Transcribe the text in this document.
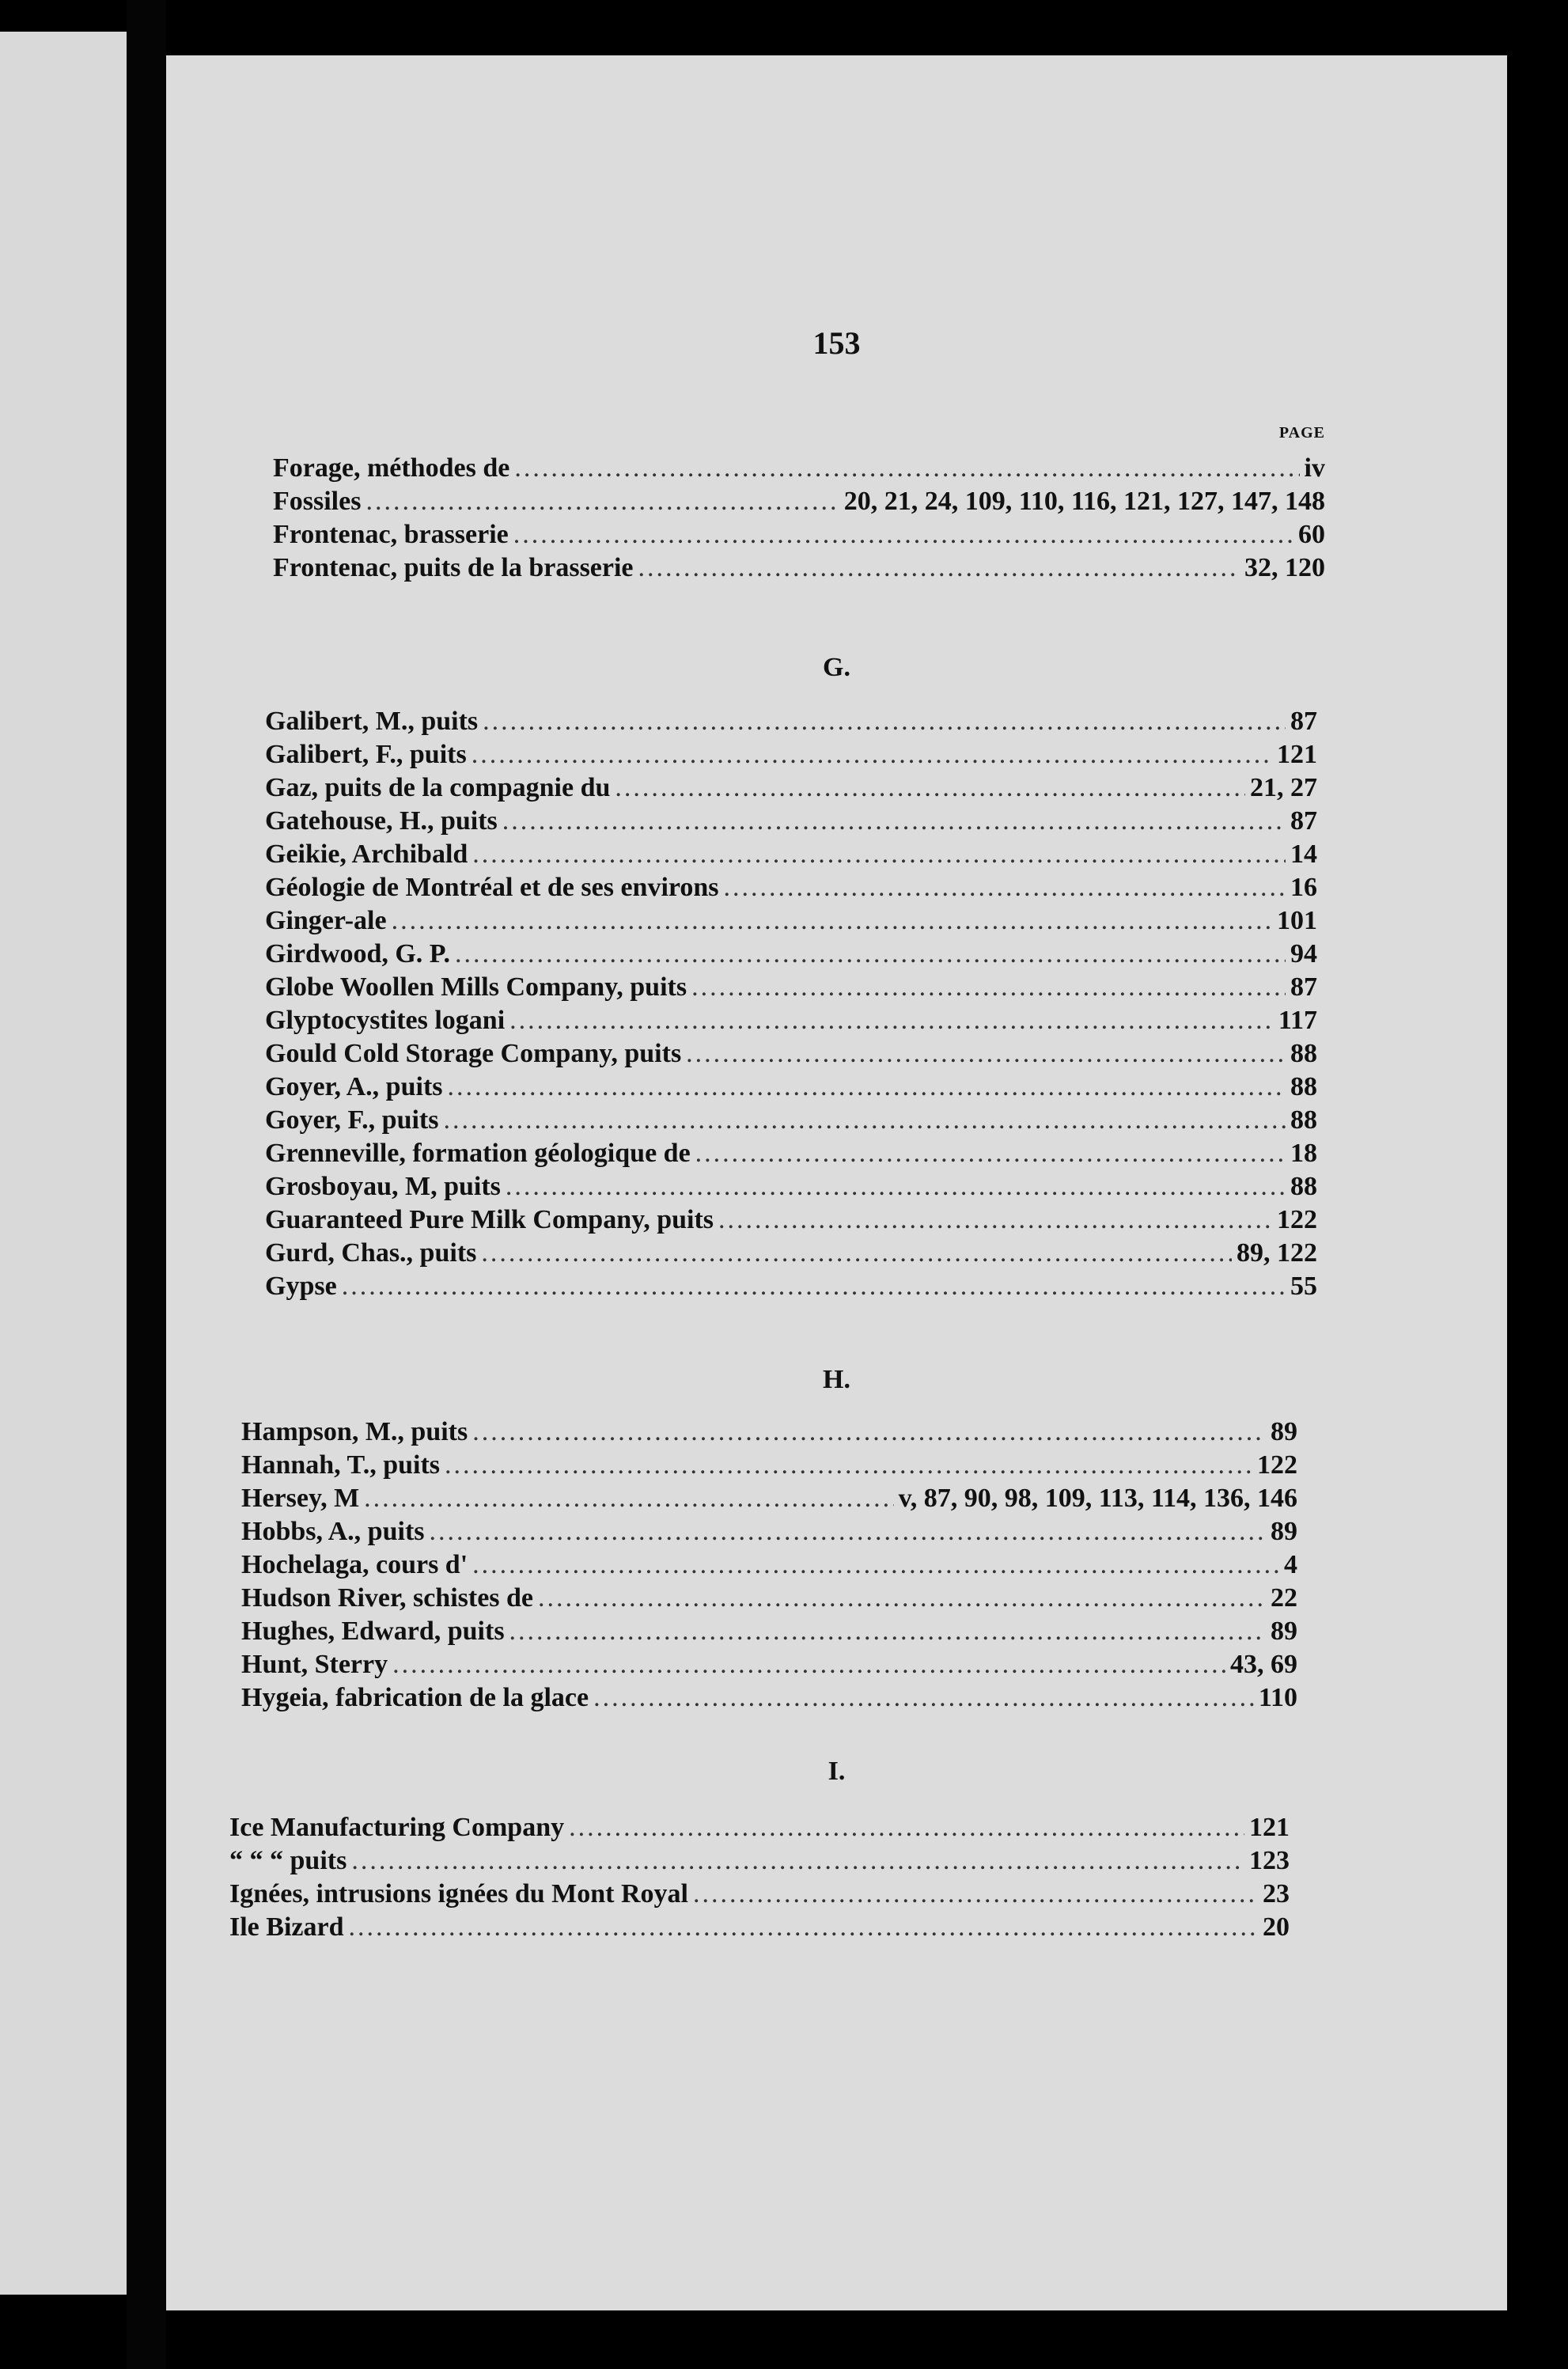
153
PAGE
Forage, méthodes de .....	iv
Fossiles .....	20, 21, 24, 109, 110, 116, 121, 127, 147, 148
Frontenac, brasserie .....	60
Frontenac, puits de la brasserie .....	32, 120
G.
Galibert, M., puits .....	87
Galibert, F., puits .....	121
Gaz, puits de la compagnie du .....	21, 27
Gatehouse, H., puits .....	87
Geikie, Archibald .....	14
Géologie de Montréal et de ses environs .....	16
Ginger-ale .....	101
Girdwood, G. P. .....	94
Globe Woollen Mills Company, puits .....	87
Glyptocystites logani .....	117
Gould Cold Storage Company, puits .....	88
Goyer, A., puits .....	88
Goyer, F., puits .....	88
Grenneville, formation géologique de .....	18
Grosboyau, M, puits .....	88
Guaranteed Pure Milk Company, puits .....	122
Gurd, Chas., puits .....	89, 122
Gypse .....	55
H.
Hampson, M., puits .....	89
Hannah, T., puits .....	122
Hersey, M .....	v, 87, 90, 98, 109, 113, 114, 136, 146
Hobbs, A., puits .....	89
Hochelaga, cours d' .....	4
Hudson River, schistes de .....	22
Hughes, Edward, puits .....	89
Hunt, Sterry .....	43, 69
Hygeia, fabrication de la glace .....	110
I.
Ice Manufacturing Company .....	121
“ “ “ puits .....	123
Ignées, intrusions ignées du Mont Royal .....	23
Ile Bizard .....	20
